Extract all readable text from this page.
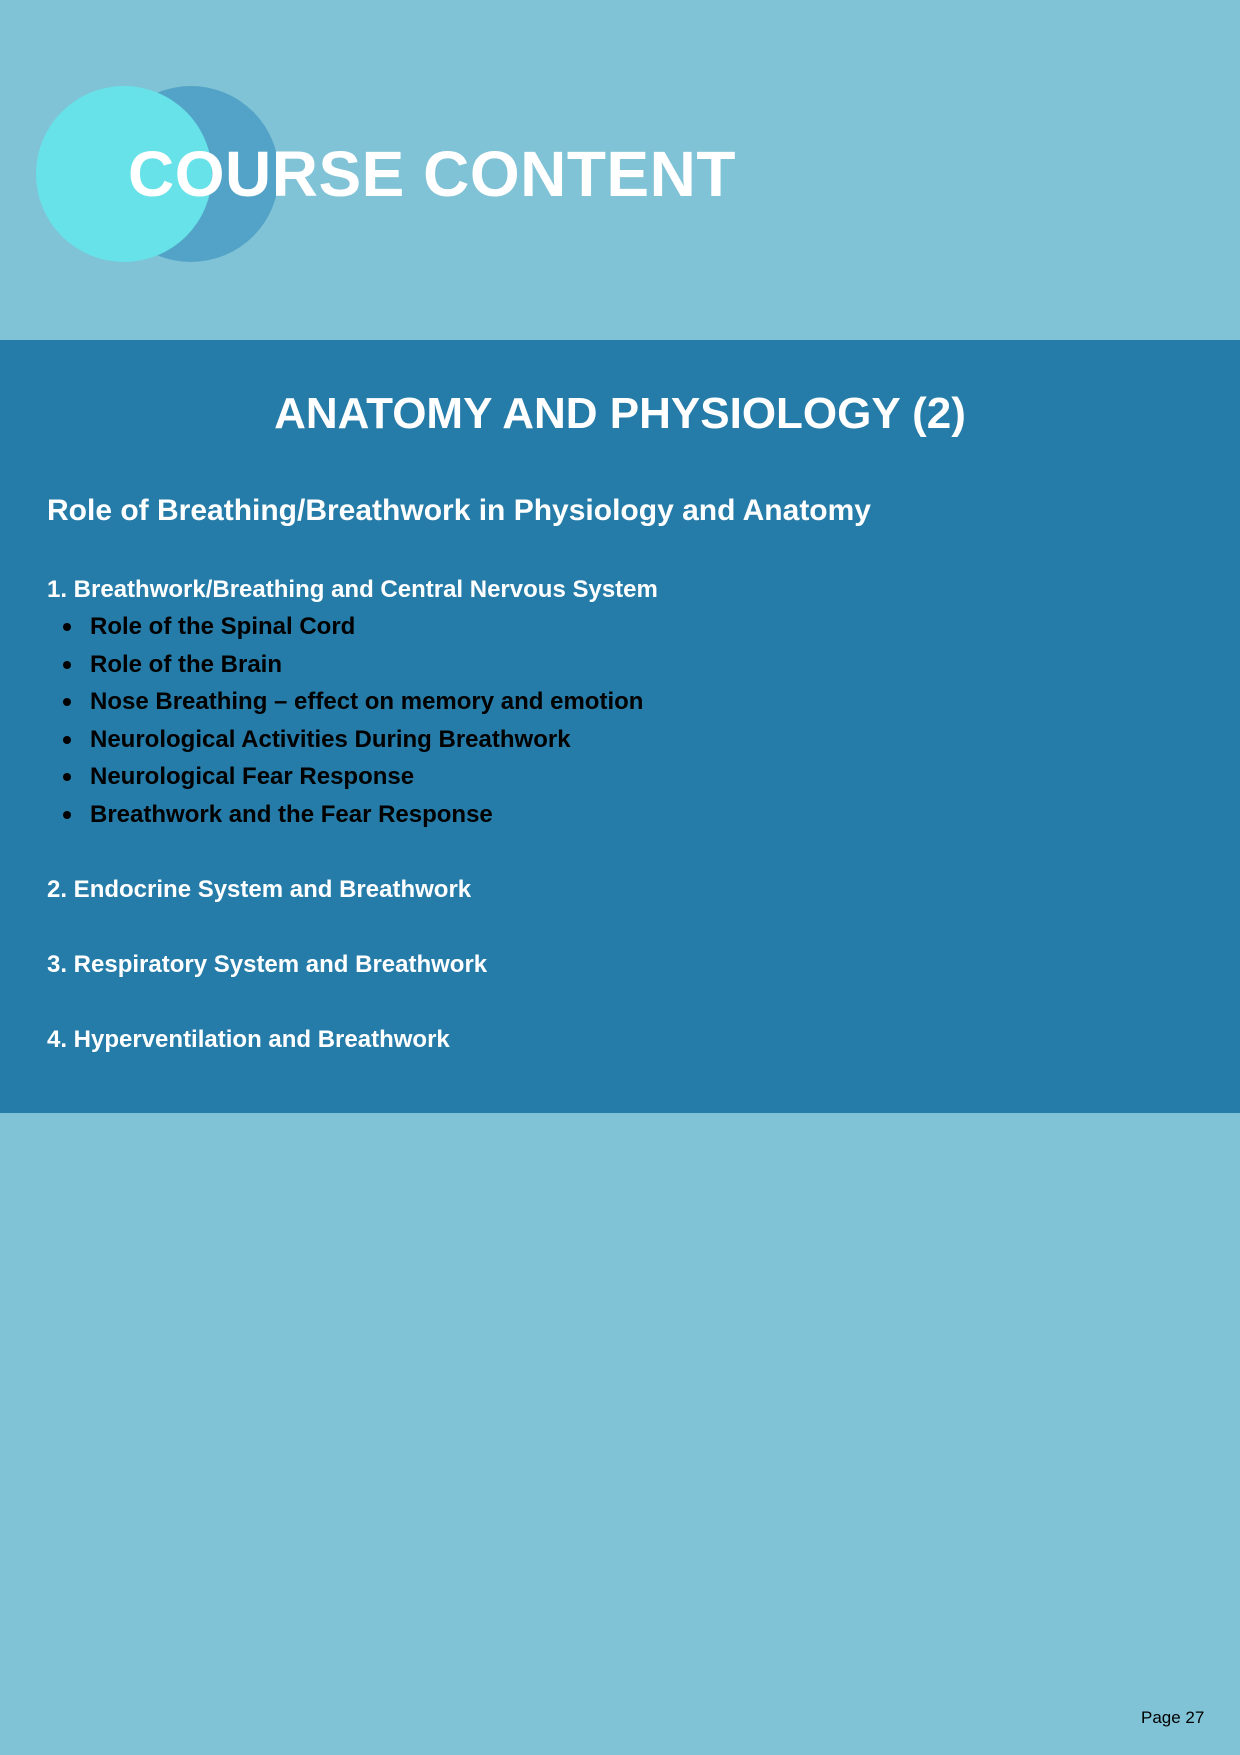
COURSE CONTENT
ANATOMY AND PHYSIOLOGY (2)
Role of Breathing/Breathwork in Physiology and Anatomy
1. Breathwork/Breathing and Central Nervous System
Role of the Spinal Cord
Role of the Brain
Nose Breathing – effect on memory and emotion
Neurological Activities During Breathwork
Neurological Fear Response
Breathwork and the Fear Response
2. Endocrine System and Breathwork
3. Respiratory System and Breathwork
4. Hyperventilation and Breathwork
Page 27
